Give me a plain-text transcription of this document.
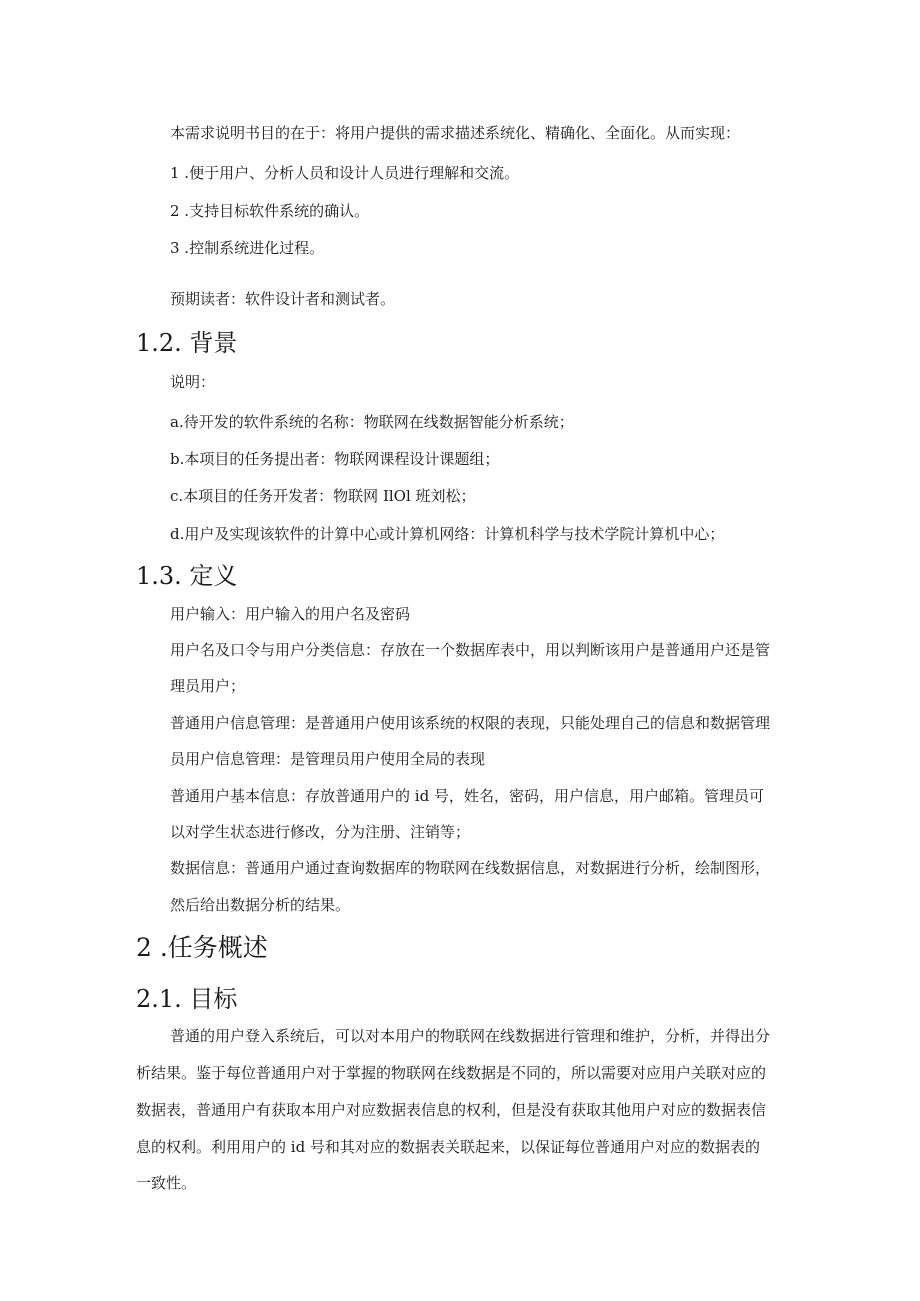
本需求说明书目的在于：将用户提供的需求描述系统化、精确化、全面化。从而实现：
1 .便于用户、分析人员和设计人员进行理解和交流。
2 .支持目标软件系统的确认。
3 .控制系统进化过程。
预期读者：软件设计者和测试者。
1.2. 背景
说明：
a.待开发的软件系统的名称：物联网在线数据智能分析系统；
b.本项目的任务提出者：物联网课程设计课题组；
c.本项目的任务开发者：物联网 IlOl 班刘松；
d.用户及实现该软件的计算中心或计算机网络：计算机科学与技术学院计算机中心；
1.3. 定义
用户输入：用户输入的用户名及密码
用户名及口令与用户分类信息：存放在一个数据库表中，用以判断该用户是普通用户还是管
理员用户；
普通用户信息管理：是普通用户使用该系统的权限的表现，只能处理自己的信息和数据管理
员用户信息管理：是管理员用户使用全局的表现
普通用户基本信息：存放普通用户的 id 号，姓名，密码，用户信息，用户邮箱。管理员可
以对学生状态进行修改，分为注册、注销等；
数据信息：普通用户通过查询数据库的物联网在线数据信息，对数据进行分析，绘制图形，
然后给出数据分析的结果。
2 .任务概述
2.1. 目标
普通的用户登入系统后，可以对本用户的物联网在线数据进行管理和维护，分析，并得出分
析结果。鉴于每位普通用户对于掌握的物联网在线数据是不同的，所以需要对应用户关联对应的
数据表，普通用户有获取本用户对应数据表信息的权利，但是没有获取其他用户对应的数据表信
息的权利。利用用户的 id 号和其对应的数据表关联起来，以保证每位普通用户对应的数据表的
一致性。
